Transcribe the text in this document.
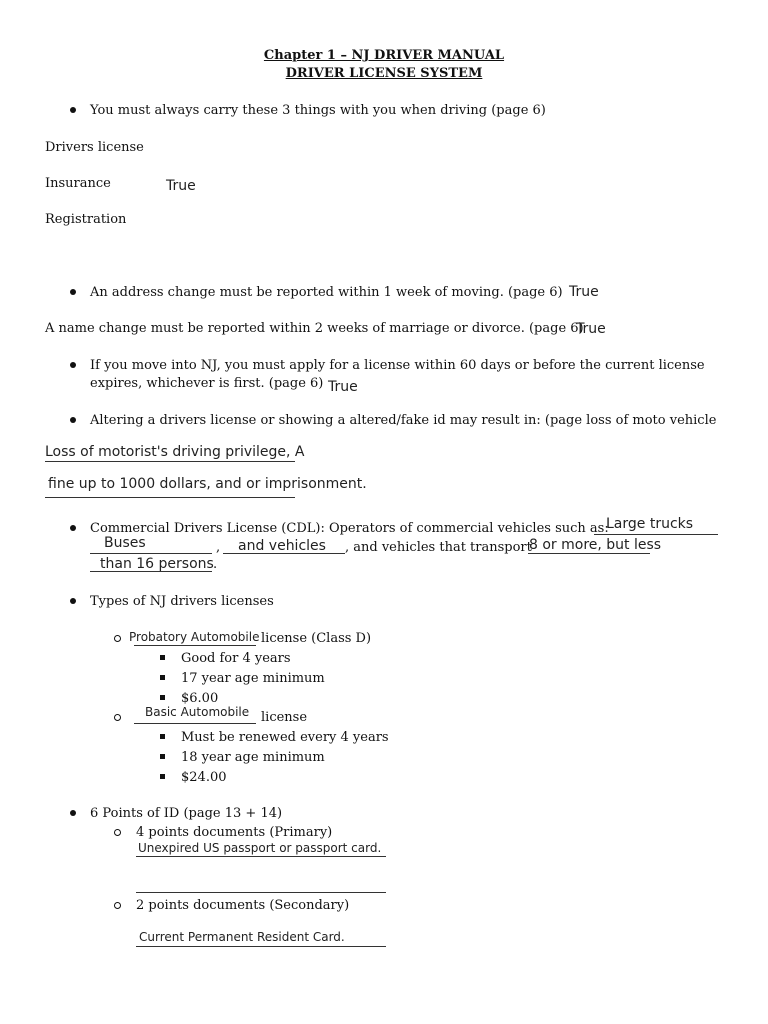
Chapter 1 – NJ DRIVER MANUAL
DRIVER LICENSE SYSTEM
You must always carry these 3 things with you when driving (page 6)
Drivers license
Insurance	True
Registration
An address change must be reported within 1 week of moving. (page 6) True
A name change must be reported within 2 weeks of marriage or divorce. (page 6)
True
If you move into NJ, you must apply for a license within 60 days or before the current license
expires, whichever is first. (page 6) True
Altering a drivers license or showing a altered/fake id may result in: (page loss of moto vehicle
Loss of motorist's driving privilege, A
fine up to 1000 dollars, and or imprisonment.
Commercial Drivers License (CDL): Operators of commercial vehicles such as:
Large trucks
Buses	, and vehicles , and vehicles that transport
8 or more, but less
than 16 persons .
Types of NJ drivers licenses
Probatory Automobile license (Class D)
Good for 4 years
17 year age minimum
$6.00
Basic Automobile license
Must be renewed every 4 years
18 year age minimum
$24.00
6 Points of ID (page 13 + 14)
4 points documents (Primary)
Unexpired US passport or passport card.
2 points documents (Secondary)
Current Permanent Resident Card.
